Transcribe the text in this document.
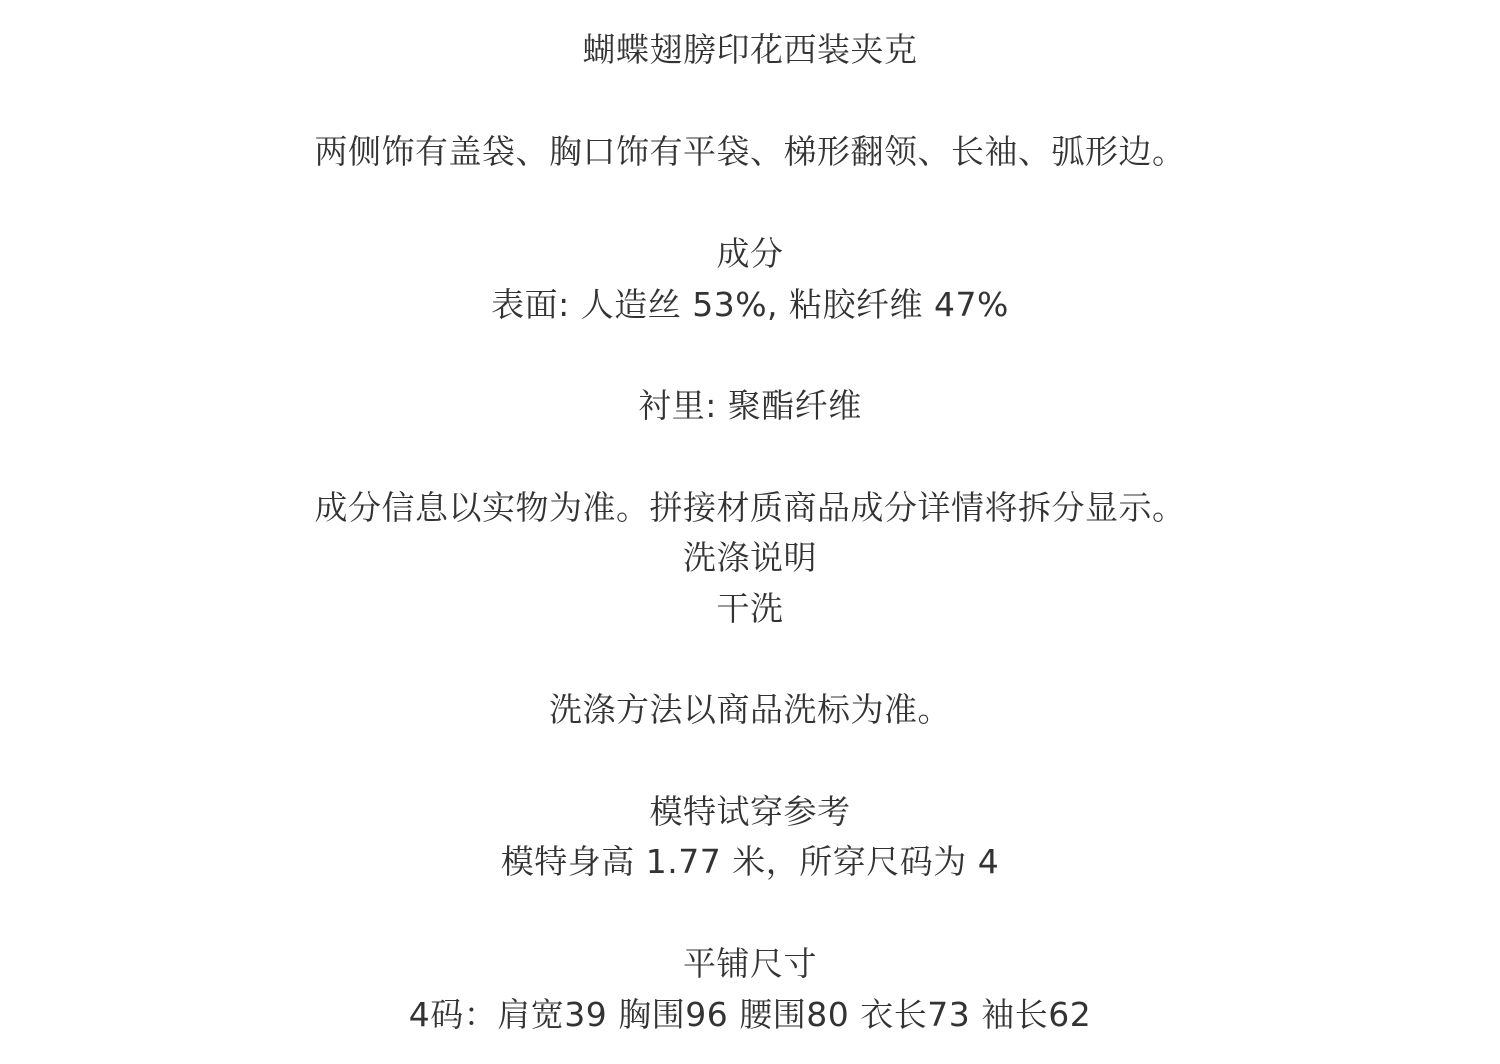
蝴蝶翅膀印花西装夹克
两侧饰有盖袋、胸口饰有平袋、梯形翻领、长袖、弧形边。
成分
表面: 人造丝 53%, 粘胶纤维 47%
衬里: 聚酯纤维
成分信息以实物为准。拼接材质商品成分详情将拆分显示。
洗涤说明
干洗
洗涤方法以商品洗标为准。
模特试穿参考
模特身高 1.77 米，所穿尺码为 4
平铺尺寸
4码：肩宽39 胸围96 腰围80 衣长73 袖长62
